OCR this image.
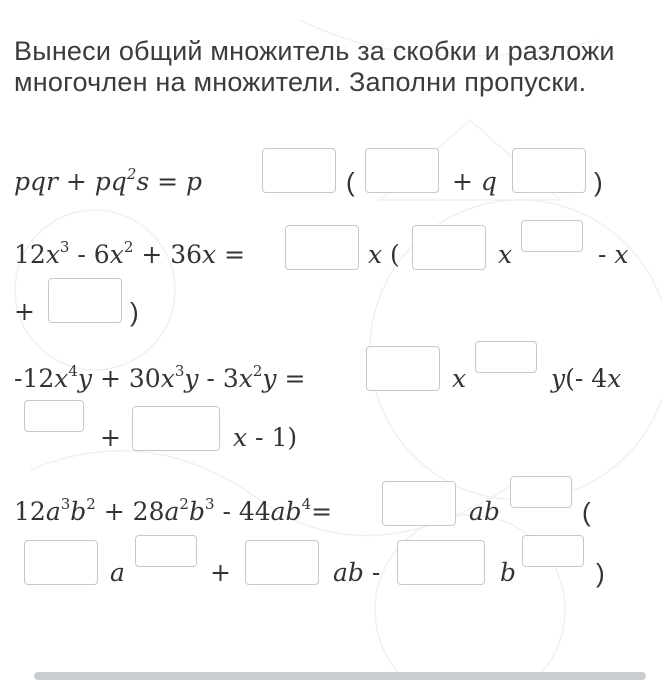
Вынеси общий множитель за скобки и разложи многочлен на множители. Заполни пропуски.
pqr + $pq^2s = p$	(	+ q	)
$12x^3 - 6x^2 + 36x$ =	x (	x	- x
+	)
$-12x^4y + 30x^3y - 3x^2y$ =	x	y(- 4x
+	x - 1)
$12a^3b^2 + 28a^2b^3 - 44ab^4=$	ab	(
a	+	ab -	b	)
